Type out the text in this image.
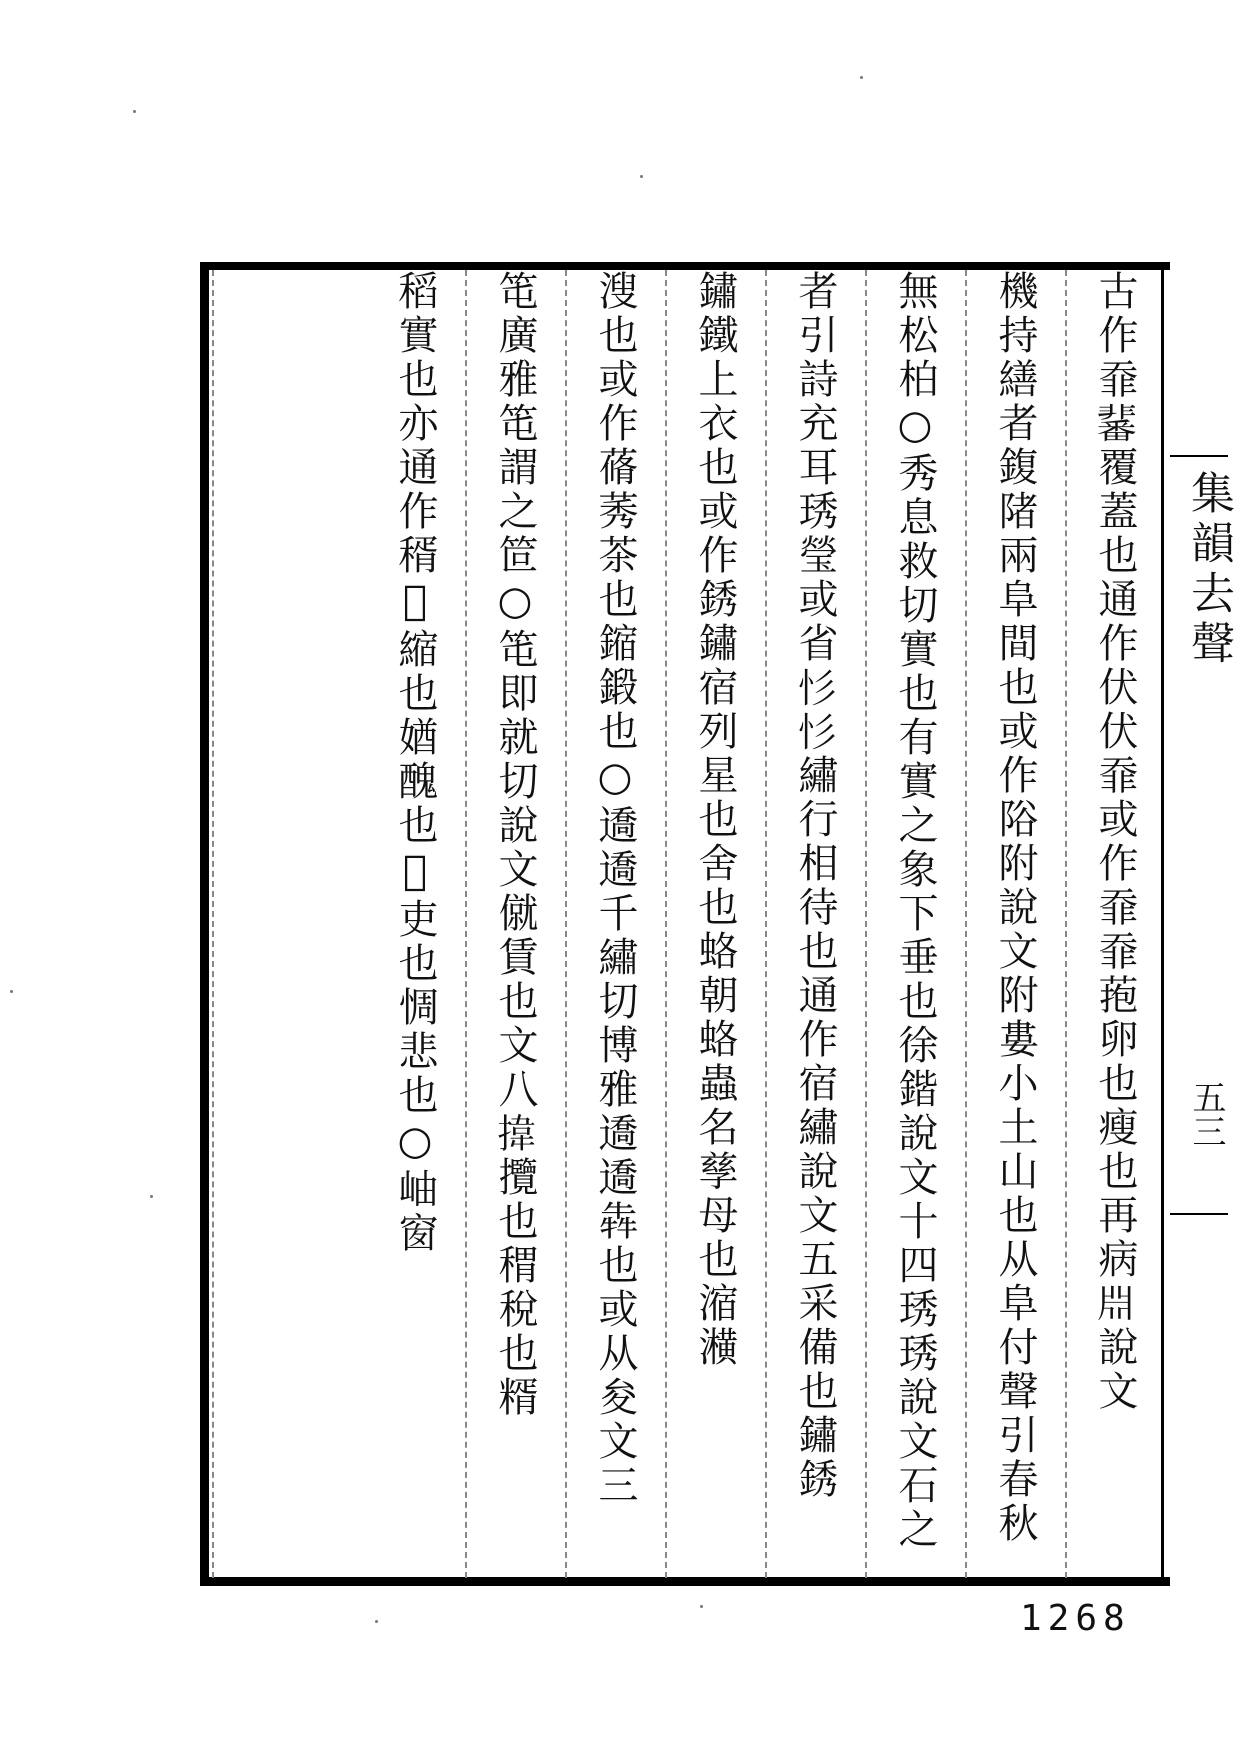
古作䨿𩈀覆蓋也通作伏伏䨿或作䨿䨿菢卵也瘦也再病𣶒說文
機持繕者鍑陼兩阜間也或作䧍附說文附婁小土山也从阜付聲引春秋
無松柏○秀息救切實也有實之象下垂也徐鍇說文十四琇琇說文石之
者引詩充耳琇瑩或省𢒆𢒆繡行相待也通作宿繡說文五采備也鏽銹
鏽鐵上衣也或作銹鏽宿列星也舍也蛒朝蛒蟲名孳母也㴼㶇
溲也或作蓨莠茶也鏥鍛也○䢪䢪千繡切博雅䢪䢪犇也或从夋文三
𥫱廣雅𥫱謂之笸○𥫱即就切說文僦賃也文八𢯷攬也稩稅也糈
稻實也亦通作稰𩟌縮也媨醜也𧩿吏也惆悲也○岫窗	集韻去聲
五三
1268
